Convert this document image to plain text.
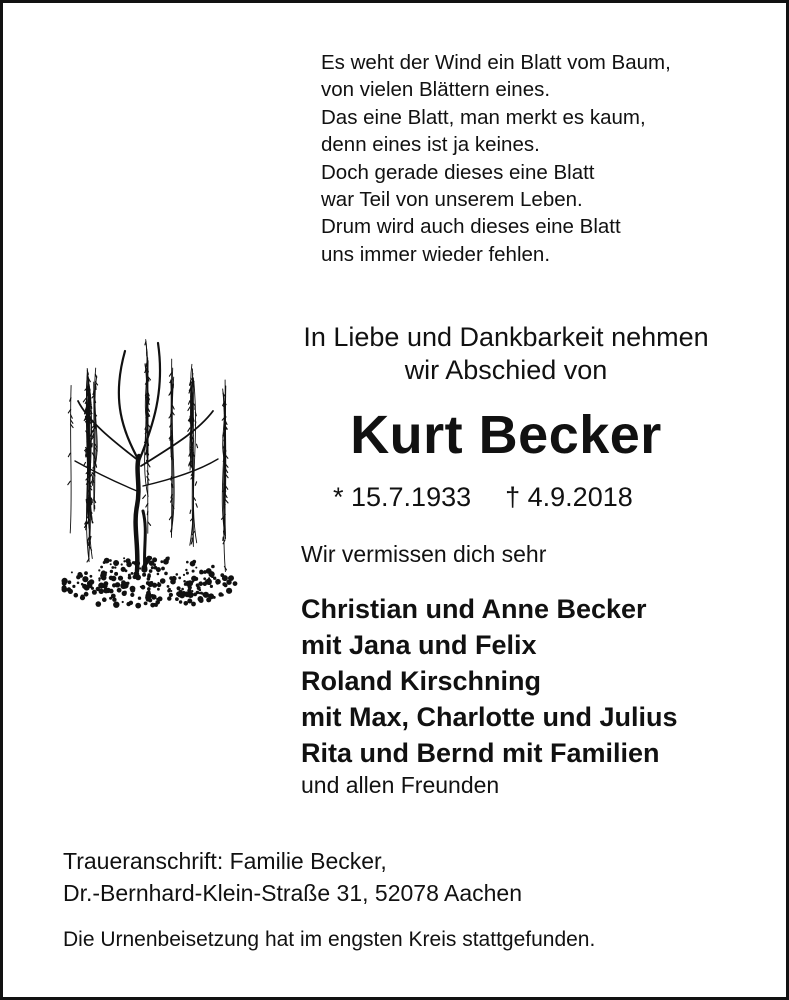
Es weht der Wind ein Blatt vom Baum,
von vielen Blättern eines.
Das eine Blatt, man merkt es kaum,
denn eines ist ja keines.
Doch gerade dieses eine Blatt
war Teil von unserem Leben.
Drum wird auch dieses eine Blatt
uns immer wieder fehlen.
In Liebe und Dankbarkeit nehmen
wir Abschied von
Kurt Becker
* 15.7.1933 † 4.9.2018
Wir vermissen dich sehr
Christian und Anne Becker
mit Jana und Felix
Roland Kirschning
mit Max, Charlotte und Julius
Rita und Bernd mit Familien
und allen Freunden
Traueranschrift: Familie Becker,
Dr.-Bernhard-Klein-Straße 31, 52078 Aachen
Die Urnenbeisetzung hat im engsten Kreis stattgefunden.
